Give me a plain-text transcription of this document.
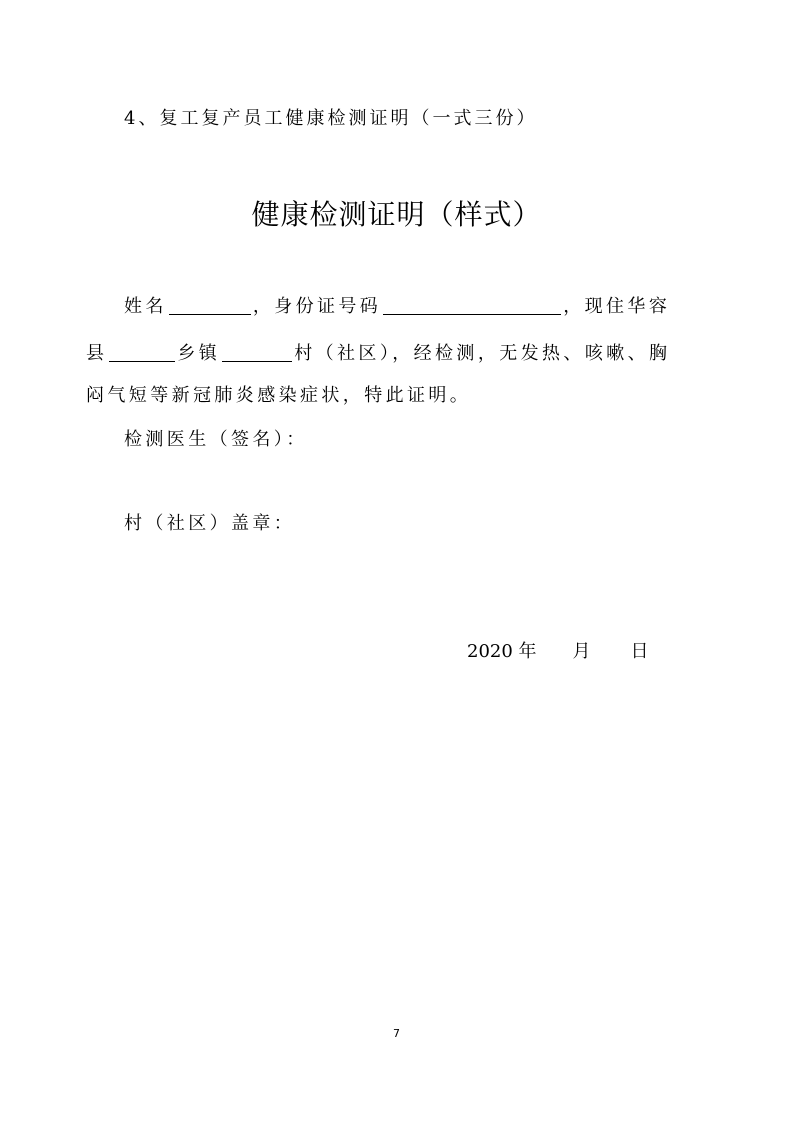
4、复工复产员工健康检测证明（一式三份）
健康检测证明（样式）
姓名	，身份证号码	，现住华容
县	乡镇	村（社区），经检测，无发热、咳嗽、胸
闷气短等新冠肺炎感染症状，特此证明。
检测医生（签名）：
村（社区）盖章：
2020 年 月 日
7
